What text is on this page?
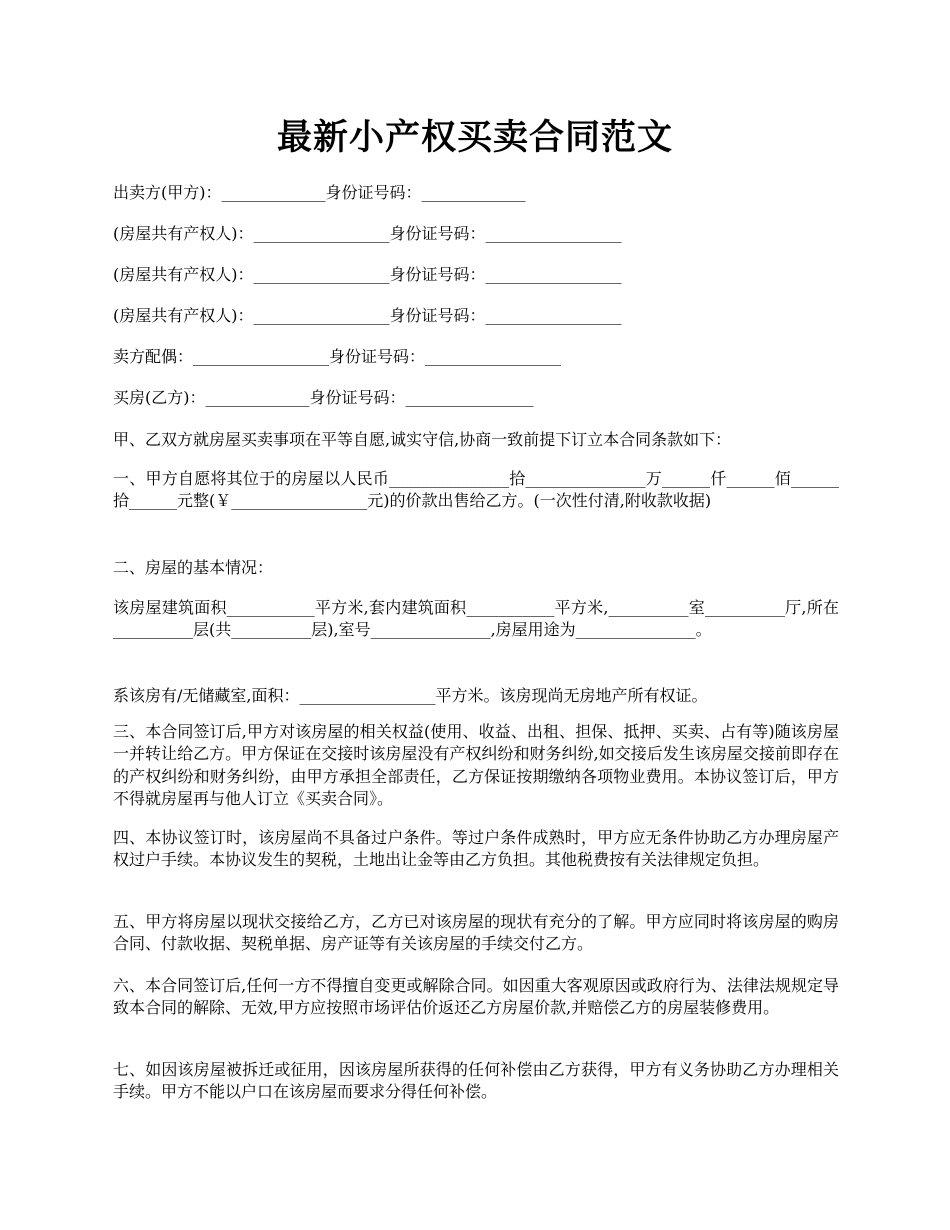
最新小产权买卖合同范文
出卖方(甲方)：_____________身份证号码：_____________
(房屋共有产权人)：_________________身份证号码：_________________
(房屋共有产权人)：_________________身份证号码：_________________
(房屋共有产权人)：_________________身份证号码：_________________
卖方配偶：_________________身份证号码：_________________
买房(乙方)：_____________身份证号码：________________
甲、乙双方就房屋买卖事项在平等自愿,诚实守信,协商一致前提下订立本合同条款如下：
一、甲方自愿将其位于的房屋以人民币_______________拾_______________万______仟______佰______拾______元整(￥_________________元)的价款出售给乙方。(一次性付清,附收款收据)
二、房屋的基本情况：
该房屋建筑面积___________平方米,套内建筑面积___________平方米,__________室__________厅,所在__________层(共__________层),室号_______________,房屋用途为_______________。
系该房有/无储藏室,面积：_________________平方米。该房现尚无房地产所有权证。
三、本合同签订后,甲方对该房屋的相关权益(使用、收益、出租、担保、抵押、买卖、占有等)随该房屋一并转让给乙方。甲方保证在交接时该房屋没有产权纠纷和财务纠纷,如交接后发生该房屋交接前即存在的产权纠纷和财务纠纷，由甲方承担全部责任，乙方保证按期缴纳各项物业费用。本协议签订后，甲方不得就房屋再与他人订立《买卖合同》。
四、本协议签订时，该房屋尚不具备过户条件。等过户条件成熟时，甲方应无条件协助乙方办理房屋产权过户手续。本协议发生的契税，土地出让金等由乙方负担。其他税费按有关法律规定负担。
五、甲方将房屋以现状交接给乙方，乙方已对该房屋的现状有充分的了解。甲方应同时将该房屋的购房合同、付款收据、契税单据、房产证等有关该房屋的手续交付乙方。
六、本合同签订后,任何一方不得擅自变更或解除合同。如因重大客观原因或政府行为、法律法规规定导致本合同的解除、无效,甲方应按照市场评估价返还乙方房屋价款,并赔偿乙方的房屋装修费用。
七、如因该房屋被拆迁或征用，因该房屋所获得的任何补偿由乙方获得，甲方有义务协助乙方办理相关手续。甲方不能以户口在该房屋而要求分得任何补偿。
